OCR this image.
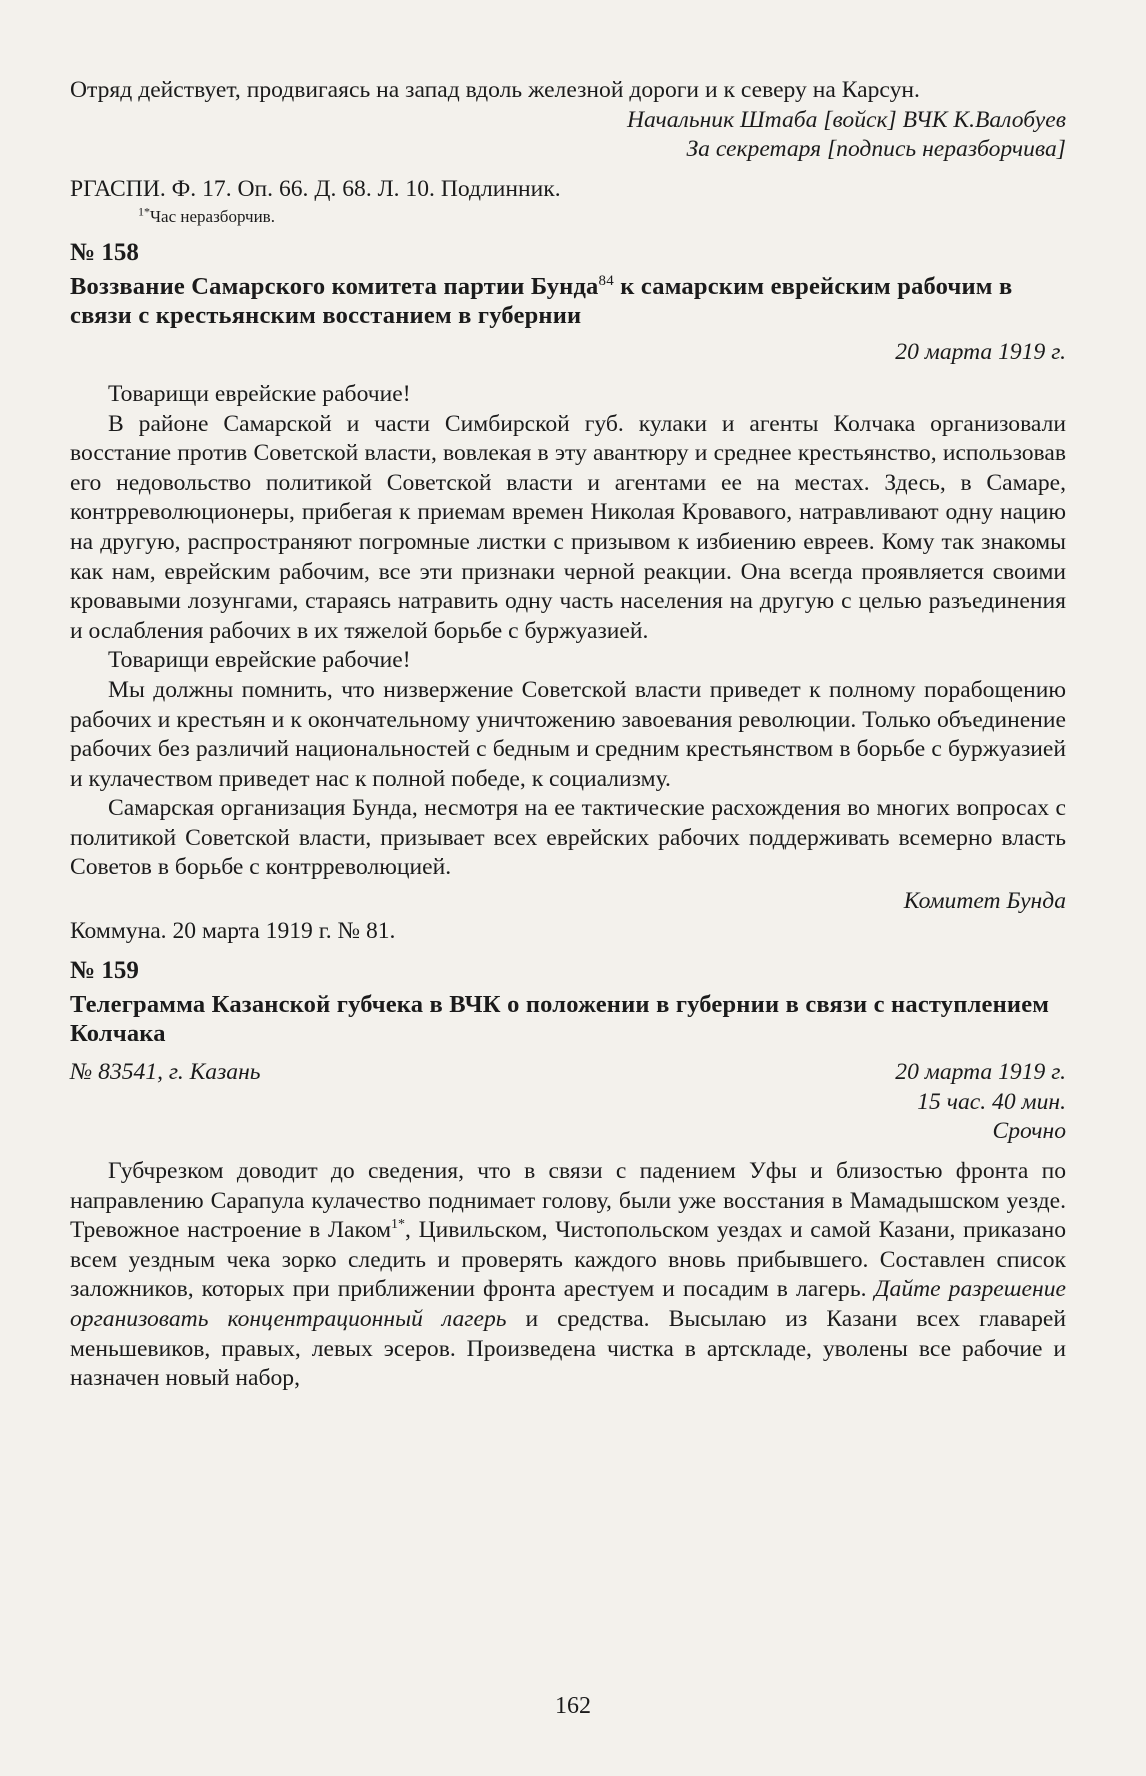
Отряд действует, продвигаясь на запад вдоль железной дороги и к северу на Карсун.

Начальник Штаба [войск] ВЧК К.Валобуев

За секретаря [подпись неразборчива]

РГАСПИ. Ф. 17. Оп. 66. Д. 68. Л. 10. Подлинник.

$^{1*}$Час неразборчив.

№ 158

Воззвание Самарского комитета партии Бунда$^{84}$ к самарским еврейским рабочим в связи с крестьянским восстанием в губернии

20 марта 1919 г.

Товарищи еврейские рабочие!

В районе Самарской и части Симбирской губ. кулаки и агенты Колчака организовали восстание против Советской власти, вовлекая в эту авантюру и среднее крестьянство, использовав его недовольство политикой Советской власти и агентами ее на местах. Здесь, в Самаре, контрреволюционеры, прибегая к приемам времен Николая Кровавого, натравливают одну нацию на другую, распространяют погромные листки с призывом к избиению евреев. Кому так знакомы как нам, еврейским рабочим, все эти признаки черной реакции. Она всегда проявляется своими кровавыми лозунгами, стараясь натравить одну часть населения на другую с целью разъединения и ослабления рабочих в их тяжелой борьбе с буржуазией.

Товарищи еврейские рабочие!

Мы должны помнить, что низвержение Советской власти приведет к полному порабощению рабочих и крестьян и к окончательному уничтожению завоевания революции. Только объединение рабочих без различий национальностей с бедным и средним крестьянством в борьбе с буржуазией и кулачеством приведет нас к полной победе, к социализму.

Самарская организация Бунда, несмотря на ее тактические расхождения во многих вопросах с политикой Советской власти, призывает всех еврейских рабочих поддерживать всемерно власть Советов в борьбе с контрреволюцией.

Комитет Бунда

Коммуна. 20 марта 1919 г. № 81.

№ 159

Телеграмма Казанской губчека в ВЧК о положении в губернии в связи с наступлением Колчака

№ 83541, г. Казань	20 марта 1919 г.
15 час. 40 мин.
Срочно

Губчрезком доводит до сведения, что в связи с падением Уфы и близостью фронта по направлению Сарапула кулачество поднимает голову, были уже восстания в Мамадышском уезде. Тревожное настроение в Лаком$^{1*}$, Цивильском, Чистопольском уездах и самой Казани, приказано всем уездным чека зорко следить и проверять каждого вновь прибывшего. Составлен список заложников, которых при приближении фронта арестуем и посадим в лагерь. Дайте разрешение организовать концентрационный лагерь и средства. Высылаю из Казани всех главарей меньшевиков, правых, левых эсеров. Произведена чистка в артскладе, уволены все рабочие и назначен новый набор,

162
